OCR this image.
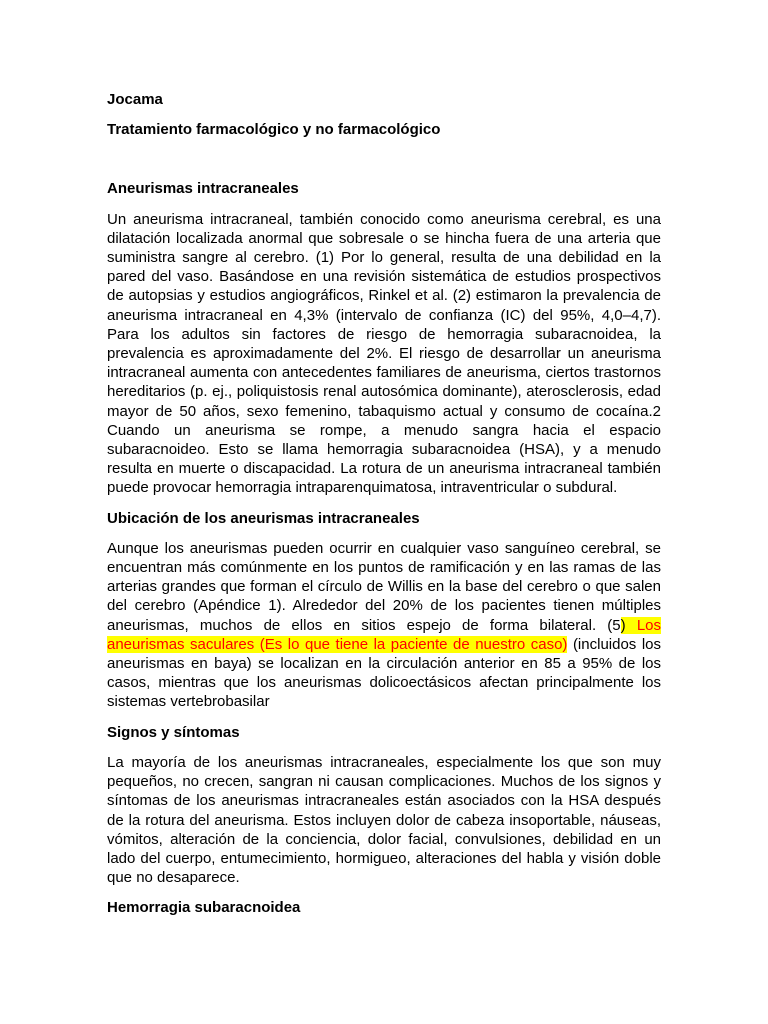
Jocama

Tratamiento farmacológico y no farmacológico

Aneurismas intracraneales

Un aneurisma intracraneal, también conocido como aneurisma cerebral, es una dilatación localizada anormal que sobresale o se hincha fuera de una arteria que suministra sangre al cerebro. (1) Por lo general, resulta de una debilidad en la pared del vaso. Basándose en una revisión sistemática de estudios prospectivos de autopsias y estudios angiográficos, Rinkel et al. (2) estimaron la prevalencia de aneurisma intracraneal en 4,3% (intervalo de confianza (IC) del 95%, 4,0–4,7). Para los adultos sin factores de riesgo de hemorragia subaracnoidea, la prevalencia es aproximadamente del 2%. El riesgo de desarrollar un aneurisma intracraneal aumenta con antecedentes familiares de aneurisma, ciertos trastornos hereditarios (p. ej., poliquistosis renal autosómica dominante), aterosclerosis, edad mayor de 50 años, sexo femenino, tabaquismo actual y consumo de cocaína.2 Cuando un aneurisma se rompe, a menudo sangra hacia el espacio subaracnoideo. Esto se llama hemorragia subaracnoidea (HSA), y a menudo resulta en muerte o discapacidad. La rotura de un aneurisma intracraneal también puede provocar hemorragia intraparenquimatosa, intraventricular o subdural.

Ubicación de los aneurismas intracraneales

Aunque los aneurismas pueden ocurrir en cualquier vaso sanguíneo cerebral, se encuentran más comúnmente en los puntos de ramificación y en las ramas de las arterias grandes que forman el círculo de Willis en la base del cerebro o que salen del cerebro (Apéndice 1). Alrededor del 20% de los pacientes tienen múltiples aneurismas, muchos de ellos en sitios espejo de forma bilateral. (5) Los aneurismas saculares (Es lo que tiene la paciente de nuestro caso) (incluidos los aneurismas en baya) se localizan en la circulación anterior en 85 a 95% de los casos, mientras que los aneurismas dolicoectásicos afectan principalmente los sistemas vertebrobasilar

Signos y síntomas

La mayoría de los aneurismas intracraneales, especialmente los que son muy pequeños, no crecen, sangran ni causan complicaciones. Muchos de los signos y síntomas de los aneurismas intracraneales están asociados con la HSA después de la rotura del aneurisma. Estos incluyen dolor de cabeza insoportable, náuseas, vómitos, alteración de la conciencia, dolor facial, convulsiones, debilidad en un lado del cuerpo, entumecimiento, hormigueo, alteraciones del habla y visión doble que no desaparece.

Hemorragia subaracnoidea
